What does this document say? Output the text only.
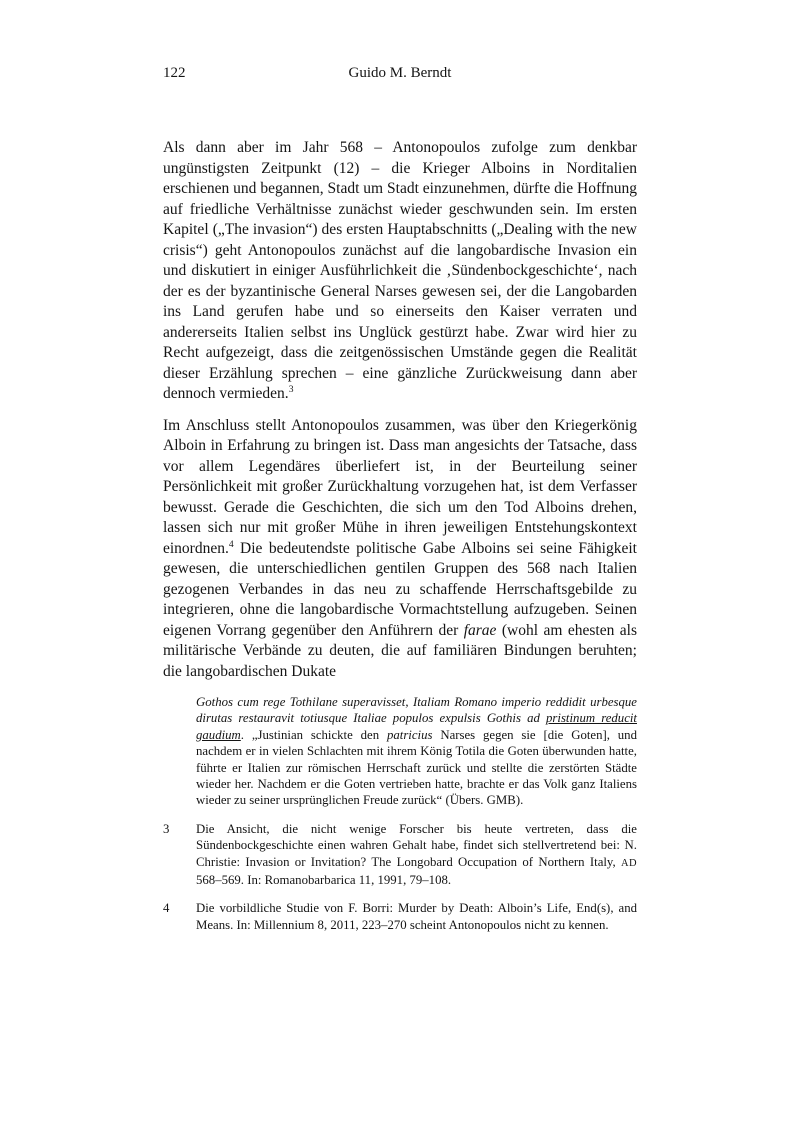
122	Guido M. Berndt

Als dann aber im Jahr 568 – Antonopoulos zufolge zum denkbar ungünstigsten Zeitpunkt (12) – die Krieger Alboins in Norditalien erschienen und begannen, Stadt um Stadt einzunehmen, dürfte die Hoffnung auf friedliche Verhältnisse zunächst wieder geschwunden sein. Im ersten Kapitel („The invasion“) des ersten Hauptabschnitts („Dealing with the new crisis“) geht Antonopoulos zunächst auf die langobardische Invasion ein und diskutiert in einiger Ausführlichkeit die ‚Sündenbockgeschichte‘, nach der es der byzantinische General Narses gewesen sei, der die Langobarden ins Land gerufen habe und so einerseits den Kaiser verraten und andererseits Italien selbst ins Unglück gestürzt habe. Zwar wird hier zu Recht aufgezeigt, dass die zeitgenössischen Umstände gegen die Realität dieser Erzählung sprechen – eine gänzliche Zurückweisung dann aber dennoch vermieden.$^3$

Im Anschluss stellt Antonopoulos zusammen, was über den Kriegerkönig Alboin in Erfahrung zu bringen ist. Dass man angesichts der Tatsache, dass vor allem Legendäres überliefert ist, in der Beurteilung seiner Persönlichkeit mit großer Zurückhaltung vorzugehen hat, ist dem Verfasser bewusst. Gerade die Geschichten, die sich um den Tod Alboins drehen, lassen sich nur mit großer Mühe in ihren jeweiligen Entstehungskontext einordnen.$^4$ Die bedeutendste politische Gabe Alboins sei seine Fähigkeit gewesen, die unterschiedlichen gentilen Gruppen des 568 nach Italien gezogenen Verbandes in das neu zu schaffende Herrschaftsgebilde zu integrieren, ohne die langobardische Vormachtstellung aufzugeben. Seinen eigenen Vorrang gegenüber den Anführern der farae (wohl am ehesten als militärische Verbände zu deuten, die auf familiären Bindungen beruhten; die langobardischen Dukate

Gothos cum rege Tothilane superavisset, Italiam Romano imperio reddidit urbesque dirutas restauravit totiusque Italiae populos expulsis Gothis ad pristinum reducit gaudium. „Justinian schickte den patricius Narses gegen sie [die Goten], und nachdem er in vielen Schlachten mit ihrem König Totila die Goten überwunden hatte, führte er Italien zur römischen Herrschaft zurück und stellte die zerstörten Städte wieder her. Nachdem er die Goten vertrieben hatte, brachte er das Volk ganz Italiens wieder zu seiner ursprünglichen Freude zurück“ (Übers. GMB).

3	Die Ansicht, die nicht wenige Forscher bis heute vertreten, dass die Sündenbockgeschichte einen wahren Gehalt habe, findet sich stellvertretend bei: N. Christie: Invasion or Invitation? The Longobard Occupation of Northern Italy, AD 568–569. In: Romanobarbarica 11, 1991, 79–108.

4	Die vorbildliche Studie von F. Borri: Murder by Death: Alboin’s Life, End(s), and Means. In: Millennium 8, 2011, 223–270 scheint Antonopoulos nicht zu kennen.
